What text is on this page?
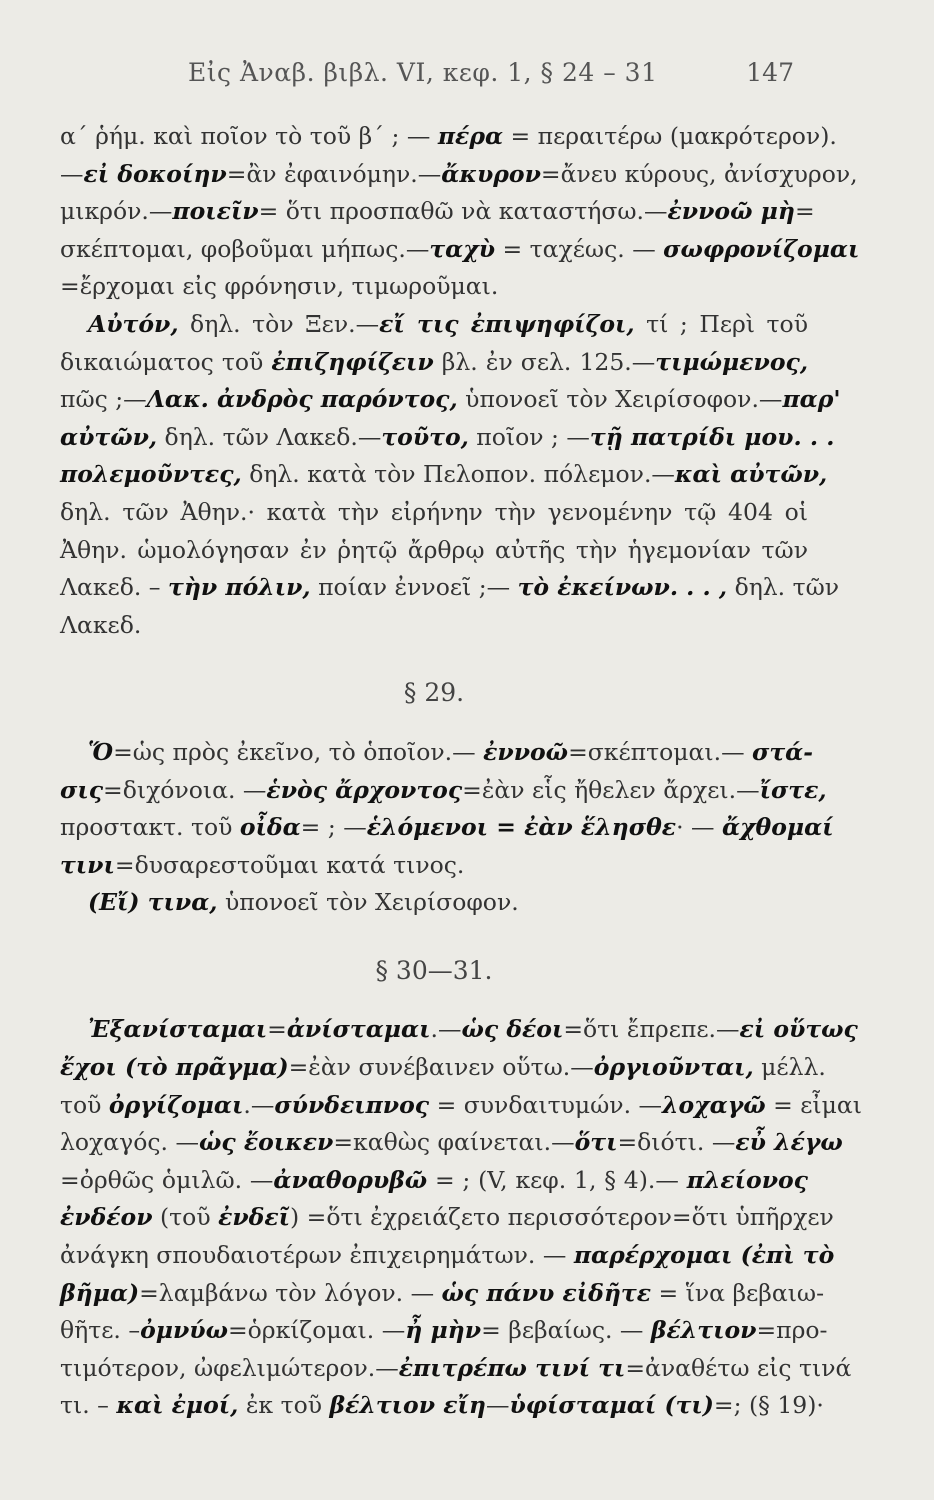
Εἰς Ἀναβ. βιβλ. VI, κεφ. 1, § 24 – 31	147
α΄ ῥήμ. καὶ ποῖον τὸ τοῦ β΄ ; — πέρα = περαιτέρω (μακρότερον).
—εἰ δοκοίην=ἂν ἐφαινόμην.—ἄκυρον=ἄνευ κύρους, ἀνίσχυρον,
μικρόν.—ποιεῖν= ὅτι προσπαθῶ νὰ καταστήσω.—ἐννοῶ μὴ=
σκέπτομαι, φοβοῦμαι μήπως.—ταχὺ = ταχέως. — σωφρονίζομαι
=ἔρχομαι εἰς φρόνησιν, τιμωροῦμαι.
Αὐτόν, δηλ. τὸν Ξεν.—εἴ τις ἐπιψηφίζοι, τί ; Περὶ τοῦ
δικαιώματος τοῦ ἐπιζηφίζειν βλ. ἐν σελ. 125.—τιμώμενος,
πῶς ;—Λακ. ἀνδρὸς παρόντος, ὑπονοεῖ τὸν Χειρίσοφον.—παρ'
αὐτῶν, δηλ. τῶν Λακεδ.—τοῦτο, ποῖον ; —τῇ πατρίδι μου. . .
πολεμοῦντες, δηλ. κατὰ τὸν Πελοπον. πόλεμον.—καὶ αὐτῶν,
δηλ. τῶν Ἀθην.· κατὰ τὴν εἰρήνην τὴν γενομένην τῷ 404 οἱ
Ἀθην. ὡμολόγησαν ἐν ῥητῷ ἄρθρῳ αὐτῆς τὴν ἡγεμονίαν τῶν
Λακεδ. – τὴν πόλιν, ποίαν ἐννοεῖ ;— τὸ ἐκείνων. . . , δηλ. τῶν
Λακεδ.
§ 29.
Ὅ=ὡς πρὸς ἐκεῖνο, τὸ ὁποῖον.— ἐννοῶ=σκέπτομαι.— στά-
σις=διχόνοια. —ἑνὸς ἄρχοντος=ἐὰν εἷς ἤθελεν ἄρχει.—ἴστε,
προστακτ. τοῦ οἶδα= ; —ἑλόμενοι = ἐὰν ἕλησθε· — ἄχθομαί
τινι=δυσαρεστοῦμαι κατά τινος.
(Εἴ) τινα, ὑπονοεῖ τὸν Χειρίσοφον.
§ 30—31.
Ἐξανίσταμαι=ἀνίσταμαι.—ὡς δέοι=ὅτι ἔπρεπε.—εἰ οὕτως
ἔχοι (τὸ πρᾶγμα)=ἐὰν συνέβαινεν οὕτω.—ὀργιοῦνται, μέλλ.
τοῦ ὀργίζομαι.—σύνδειπνος = συνδαιτυμών. —λοχαγῶ = εἶμαι
λοχαγός. —ὡς ἔοικεν=καθὼς φαίνεται.—ὅτι=διότι. —εὖ λέγω
=ὀρθῶς ὁμιλῶ. —ἀναθορυβῶ = ; (V, κεφ. 1, § 4).— πλείονος
ἐνδέον (τοῦ ἐνδεῖ) =ὅτι ἐχρειάζετο περισσότερον=ὅτι ὑπῆρχεν
ἀνάγκη σπουδαιοτέρων ἐπιχειρημάτων. — παρέρχομαι (ἐπὶ τὸ
βῆμα)=λαμβάνω τὸν λόγον. — ὡς πάνυ εἰδῆτε = ἵνα βεβαιω-
θῆτε. –ὀμνύω=ὁρκίζομαι. —ἦ μὴν= βεβαίως. — βέλτιον=προ-
τιμότερον, ὠφελιμώτερον.—ἐπιτρέπω τινί τι=ἀναθέτω εἰς τινά
τι. – καὶ ἐμοί, ἐκ τοῦ βέλτιον εἴη—ὑφίσταμαί (τι)=; (§ 19)·
